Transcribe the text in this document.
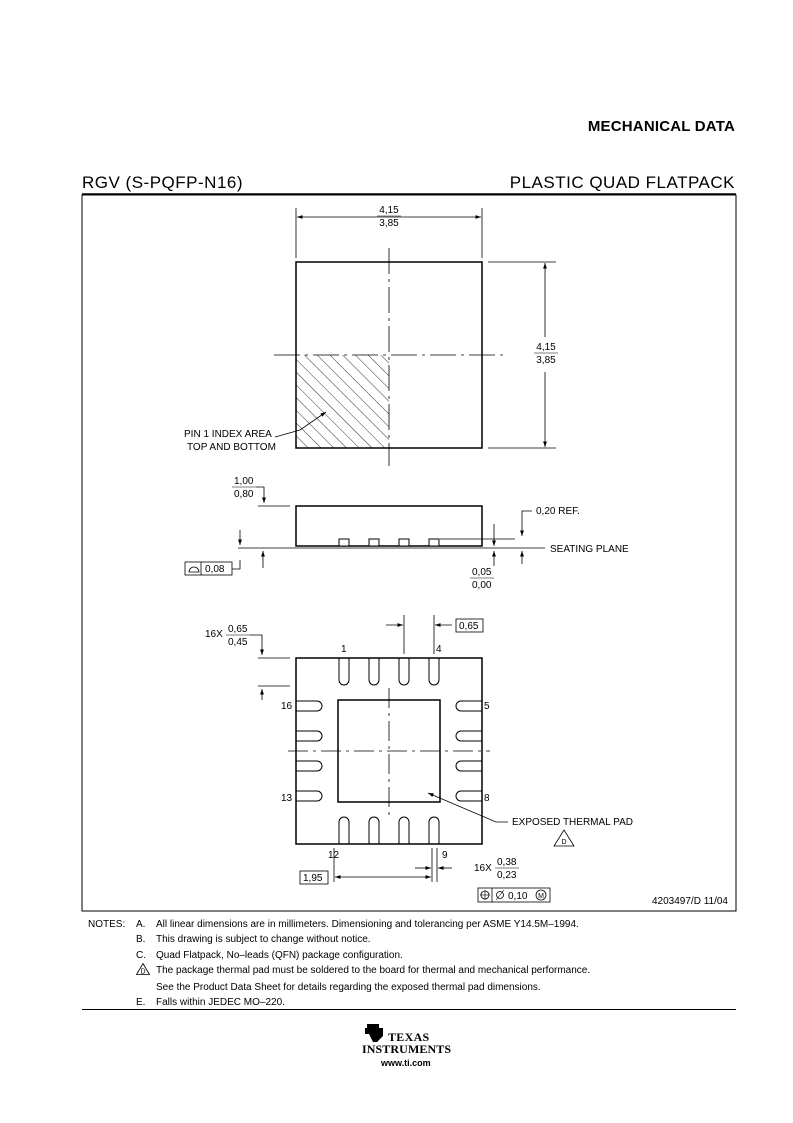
MECHANICAL DATA
RGV (S-PQFP-N16)	PLASTIC QUAD FLATPACK
4,15
3,85
4,15
3,85
PIN 1 INDEX AREA
TOP AND BOTTOM
SEATING PLANE
1,00
0,80
0,08
0,20 REF.
0,05
0,00
1	4
16	5
13	8
12	9
16X 0,65
0,45
0,65
1,95
16X
0,38
0,23
0,10 M
EXPOSED THERMAL PAD
D
4203497/D 11/04
NOTES:	A.	All linear dimensions are in millimeters. Dimensioning and tolerancing per ASME Y14.5M–1994.
B.	This drawing is subject to change without notice.
C.	Quad Flatpack, No–leads (QFN) package configuration.
D The package thermal pad must be soldered to the board for thermal and mechanical performance.
See the Product Data Sheet for details regarding the exposed thermal pad dimensions.
E.	Falls within JEDEC MO–220.
TEXAS
INSTRUMENTS
www.ti.com
